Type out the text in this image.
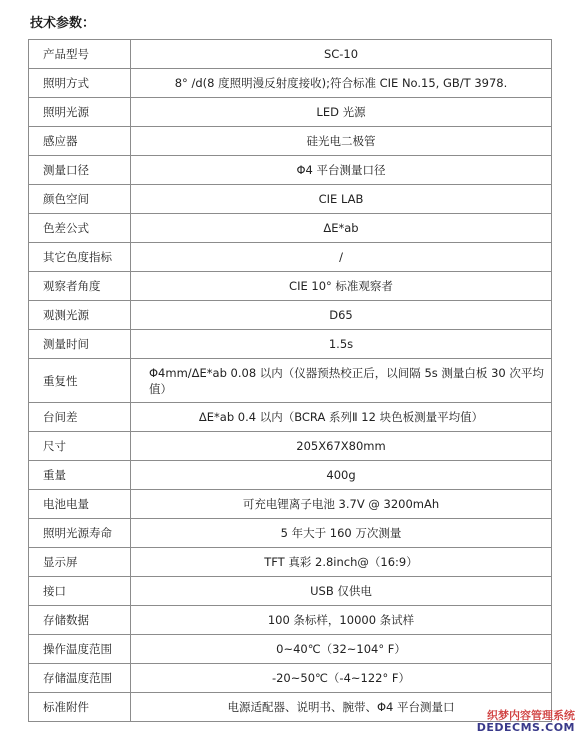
技术参数：
产品型号	SC-10
照明方式	8° /d(8 度照明漫反射度接收);符合标准 CIE No.15, GB/T 3978.
照明光源	LED 光源
感应器	硅光电二极管
测量口径	Φ4 平台测量口径
颜色空间	CIE LAB
色差公式	ΔE*ab
其它色度指标	/
观察者角度	CIE 10° 标准观察者
观测光源	D65
测量时间	1.5s
重复性	Φ4mm/ΔE*ab 0.08 以内（仪器预热校正后，以间隔 5s 测量白板 30 次平均值）
台间差	ΔE*ab 0.4 以内（BCRA 系列Ⅱ 12 块色板测量平均值）
尺寸	205X67X80mm
重量	400g
电池电量	可充电锂离子电池 3.7V @ 3200mAh
照明光源寿命	5 年大于 160 万次测量
显示屏	TFT 真彩 2.8inch@（16:9）
接口	USB 仅供电
存储数据	100 条标样，10000 条试样
操作温度范围	0~40℃（32~104° F）
存储温度范围	-20~50℃（-4~122° F）
标准附件	电源适配器、说明书、腕带、Φ4 平台测量口
织梦内容管理系统
DEDECMS.COM
